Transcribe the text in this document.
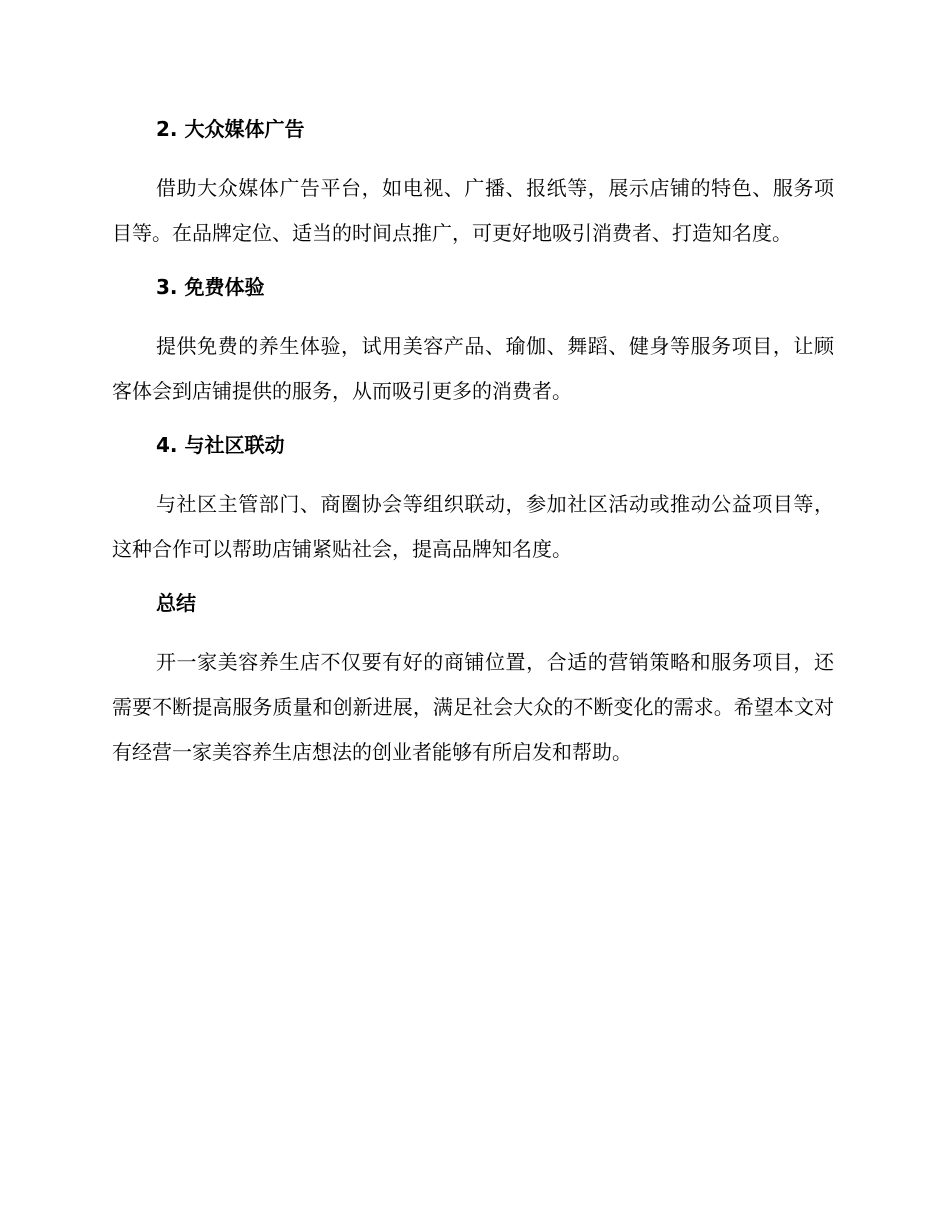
2. 大众媒体广告

借助大众媒体广告平台，如电视、广播、报纸等，展示店铺的特色、服务项目等。在品牌定位、适当的时间点推广，可更好地吸引消费者、打造知名度。

3. 免费体验

提供免费的养生体验，试用美容产品、瑜伽、舞蹈、健身等服务项目，让顾客体会到店铺提供的服务，从而吸引更多的消费者。

4. 与社区联动

与社区主管部门、商圈协会等组织联动，参加社区活动或推动公益项目等，这种合作可以帮助店铺紧贴社会，提高品牌知名度。

总结

开一家美容养生店不仅要有好的商铺位置，合适的营销策略和服务项目，还需要不断提高服务质量和创新进展，满足社会大众的不断变化的需求。希望本文对有经营一家美容养生店想法的创业者能够有所启发和帮助。
